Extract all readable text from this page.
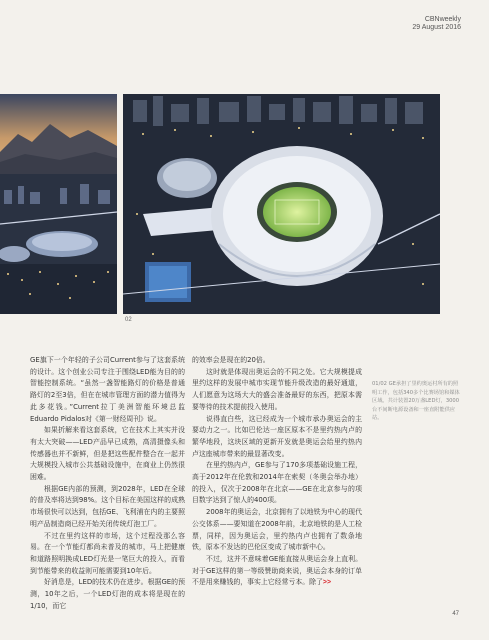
CBNweekly
29 August 2016
02

GE旗下一个年轻的子公司Current参与了这套系统的设计。这个创业公司专注于围绕LED能为目的的智能控制系统。“虽然一盏智能路灯的价格是普通路灯的2至3倍，但在在城市管理方面的潜力值得为此多花钱。”Current拉丁美洲智能环境总监Eduardo Pidalos对《第一财经周刊》说。

如果折解来看这套系统，它在技术上其实并没有太大突破——LED产品早已成熟，高清摄像头和传感器也并不新鲜，但是把这些配件整合在一起并大规模投入城市公共基础设施中，在商业上仍然很困难。

根据GE内部的预测，到2028年，LED在全球的普及率将达到98%。这个目标在美国这样的成熟市场很快可以达到，包括GE、飞利浦在内的主要照明产品制造商已经开始关闭传统灯泡工厂。

不过在里约这样的市场，这个过程没那么容易。在一个节能灯都尚未普及的城市，马上把健康和道路照明换成LED灯光是一笔巨大的投入，而看到节能带来的收益则可能需要到10年后。

好消息是，LED的技术仍在进步。根据GE的预测，10年之后，一个LED灯泡的成本将是现在的1/10，而它

的效率会是现在的20倍。

这时就是体现出奥运会的不同之处。它大规模提成里约这样的发展中城市实现节能升级改造的最好通道，人们愿意为这场大大的盛会准备最好的东西，把原本需要等待的技术提前投入使用。

说得直白些，这已经成为一个城市承办奥运会的主要动力之一。比如巴伦达一座区原本不是里约热内卢的繁华地段，这块区域的更新开发就是奥运会给里约热内卢这座城市带来的最显著改变。

在里约热内卢，GE参与了170多项基础设施工程，高于2012年在伦敦和2014年在索契（冬奥会举办地）的投入，仅次于2008年在北京——GE在北京参与的项目数字达到了惊人的400项。

2008年的奥运会，北京拥有了以地铁为中心的现代公交体系——要知道在2008年前，北京地铁的是人工检票，同样，因为奥运会，里约热内卢也拥有了数条地铁，原本不发达的巴伦区变成了城市新中心。

不过，这并不意味着GE能直接从奥运会身上直利。对于GE这样的第一等级赞助商来说，奥运会本身的订单不是用来赚钱的，事实上它经常亏本。除了>>

01/02 GE承担了里约奥运村所有的照明工作，包括340多个比赛场馆和媒体区域。共计装置20万盏LED灯，3000台不间断电源设备和一座直附能供应站。
47
